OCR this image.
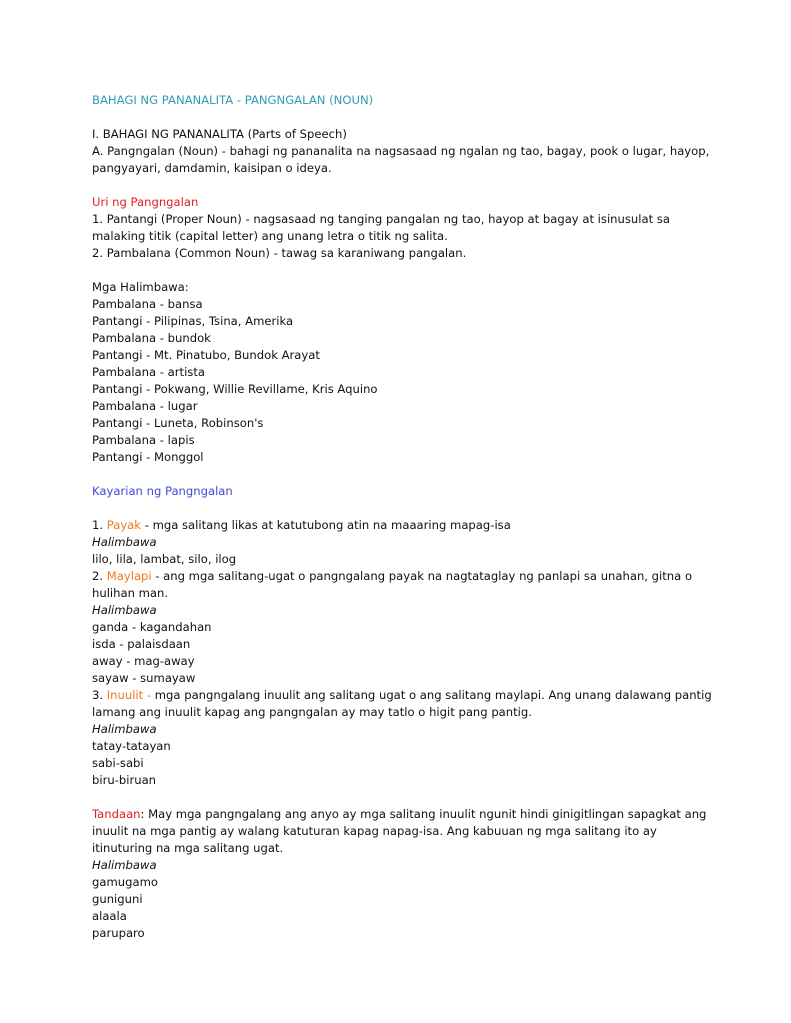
BAHAGI NG PANANALITA - PANGNGALAN (NOUN)
I. BAHAGI NG PANANALITA (Parts of Speech)
A. Pangngalan (Noun) - bahagi ng pananalita na nagsasaad ng ngalan ng tao, bagay, pook o lugar, hayop, pangyayari, damdamin, kaisipan o ideya.
Uri ng Pangngalan
1. Pantangi (Proper Noun) - nagsasaad ng tanging pangalan ng tao, hayop at bagay at isinusulat sa malaking titik (capital letter) ang unang letra o titik ng salita.
2. Pambalana (Common Noun) - tawag sa karaniwang pangalan.
Mga Halimbawa:
Pambalana - bansa
Pantangi - Pilipinas, Tsina, Amerika
Pambalana - bundok
Pantangi - Mt. Pinatubo, Bundok Arayat
Pambalana - artista
Pantangi - Pokwang, Willie Revillame, Kris Aquino
Pambalana - lugar
Pantangi - Luneta, Robinson's
Pambalana - lapis
Pantangi - Monggol
Kayarian ng Pangngalan
1. Payak - mga salitang likas at katutubong atin na maaaring mapag-isa
Halimbawa
lilo, lila, lambat, silo, ilog
2. Maylapi - ang mga salitang-ugat o pangngalang payak na nagtataglay ng panlapi sa unahan, gitna o hulihan man.
Halimbawa
ganda - kagandahan
isda - palaisdaan
away - mag-away
sayaw - sumayaw
3. Inuulit - mga pangngalang inuulit ang salitang ugat o ang salitang maylapi. Ang unang dalawang pantig lamang ang inuulit kapag ang pangngalan ay may tatlo o higit pang pantig.
Halimbawa
tatay-tatayan
sabi-sabi
biru-biruan
Tandaan: May mga pangngalang ang anyo ay mga salitang inuulit ngunit hindi ginigitlingan sapagkat ang inuulit na mga pantig ay walang katuturan kapag napag-isa. Ang kabuuan ng mga salitang ito ay itinuturing na mga salitang ugat.
Halimbawa
gamugamo
guniguni
alaala
paruparo
